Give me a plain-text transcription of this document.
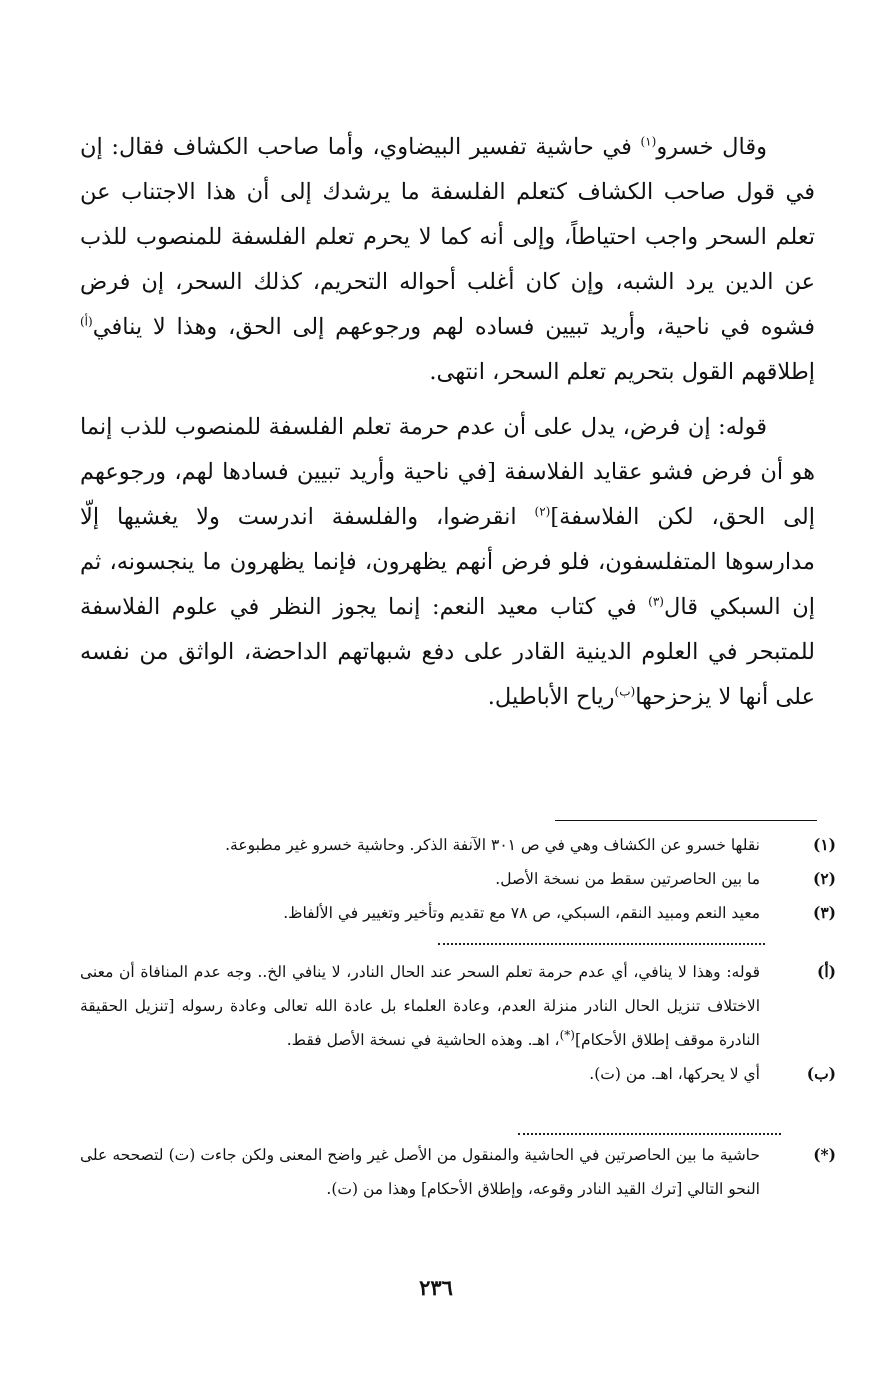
وقال خسرو$^{(١)}$ في حاشية تفسير البيضاوي، وأما صاحب الكشاف فقال: إن في قول صاحب الكشاف كتعلم الفلسفة ما يرشدك إلى أن هذا الاجتناب عن تعلم السحر واجب احتياطاً، وإلى أنه كما لا يحرم تعلم الفلسفة للمنصوب للذب عن الدين يرد الشبه، وإن كان أغلب أحواله التحريم، كذلك السحر، إن فرض فشوه في ناحية، وأريد تبيين فساده لهم ورجوعهم إلى الحق، وهذا لا ينافي$^{(أ)}$ إطلاقهم القول بتحريم تعلم السحر، انتهى.

قوله: إن فرض، يدل على أن عدم حرمة تعلم الفلسفة للمنصوب للذب إنما هو أن فرض فشو عقايد الفلاسفة [في ناحية وأريد تبيين فسادها لهم، ورجوعهم إلى الحق، لكن الفلاسفة]$^{(٢)}$ انقرضوا، والفلسفة اندرست ولا يغشيها إلّا مدارسوها المتفلسفون، فلو فرض أنهم يظهرون، فإنما يظهرون ما ينجسونه، ثم إن السبكي قال$^{(٣)}$ في كتاب معيد النعم: إنما يجوز النظر في علوم الفلاسفة للمتبحر في العلوم الدينية القادر على دفع شبهاتهم الداحضة، الواثق من نفسه على أنها لا يزحزحها$^{(ب)}$رياح الأباطيل.

(١)نقلها خسرو عن الكشاف وهي في ص ٣٠١ الآنفة الذكر. وحاشية خسرو غير مطبوعة.

(٢)ما بين الحاصرتين سقط من نسخة الأصل.

(٣)معيد النعم ومبيد النقم، السبكي، ص ٧٨ مع تقديم وتأخير وتغيير في الألفاظ.

(أ)قوله: وهذا لا ينافي، أي عدم حرمة تعلم السحر عند الحال النادر، لا ينافي الخ.. وجه عدم المنافاة أن معنى الاختلاف تنزيل الحال النادر منزلة العدم، وعادة العلماء بل عادة الله تعالى وعادة رسوله [تنزيل الحقيقة النادرة موقف إطلاق الأحكام](*)، اهـ. وهذه الحاشية في نسخة الأصل فقط.

(ب)أي لا يحركها، اهـ. من (ت).

(*)حاشية ما بين الحاصرتين في الحاشية والمنقول من الأصل غير واضح المعنى ولكن جاءت (ت) لتصححه على النحو التالي [ترك القيد النادر وقوعه، وإطلاق الأحكام] وهذا من (ت).

٢٣٦
